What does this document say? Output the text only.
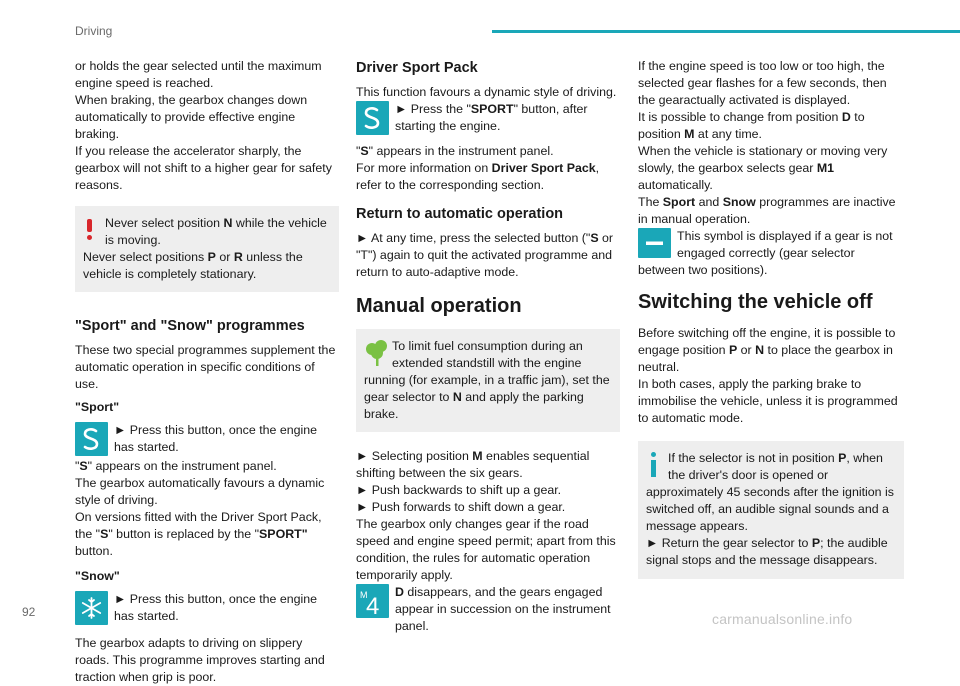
Driving
or holds the gear selected until the maximum engine speed is reached.
When braking, the gearbox changes down automatically to provide effective engine braking.
If you release the accelerator sharply, the gearbox will not shift to a higher gear for safety reasons.
Never select position N while the vehicle is moving.
Never select positions P or R unless the vehicle is completely stationary.
"Sport" and "Snow" programmes
These two special programmes supplement the automatic operation in specific conditions of use.
"Sport"
► Press this button, once the engine has started.
"S" appears on the instrument panel.
The gearbox automatically favours a dynamic style of driving.
On versions fitted with the Driver Sport Pack, the "S" button is replaced by the "SPORT" button.
"Snow"
► Press this button, once the engine has started.
The gearbox adapts to driving on slippery roads. This programme improves starting and traction when grip is poor.
Driver Sport Pack
This function favours a dynamic style of driving.
► Press the "SPORT" button, after starting the engine.
"S" appears in the instrument panel.
For more information on Driver Sport Pack, refer to the corresponding section.
Return to automatic operation
► At any time, press the selected button ("S or "T") again to quit the activated programme and return to auto-adaptive mode.
Manual operation
To limit fuel consumption during an extended standstill with the engine running (for example, in a traffic jam), set the gear selector to N and apply the parking brake.
► Selecting position M enables sequential shifting between the six gears.
► Push backwards to shift up a gear.
► Push forwards to shift down a gear.
The gearbox only changes gear if the road speed and engine speed permit; apart from this condition, the rules for automatic operation temporarily apply.
M
4
D disappears, and the gears engaged appear in succession on the instrument panel.
If the engine speed is too low or too high, the selected gear flashes for a few seconds, then the gearactually activated is displayed.
It is possible to change from position D to position M at any time.
When the vehicle is stationary or moving very slowly, the gearbox selects gear M1 automatically.
The Sport and Snow programmes are inactive in manual operation.
This symbol is displayed if a gear is not engaged correctly (gear selector between two positions).
Switching the vehicle off
Before switching off the engine, it is possible to engage position P or N to place the gearbox in neutral.
In both cases, apply the parking brake to immobilise the vehicle, unless it is programmed to automatic mode.
If the selector is not in position P, when the driver's door is opened or approximately 45 seconds after the ignition is switched off, an audible signal sounds and a message appears.
► Return the gear selector to P; the audible signal stops and the message disappears.
92	carmanualsonline.info
